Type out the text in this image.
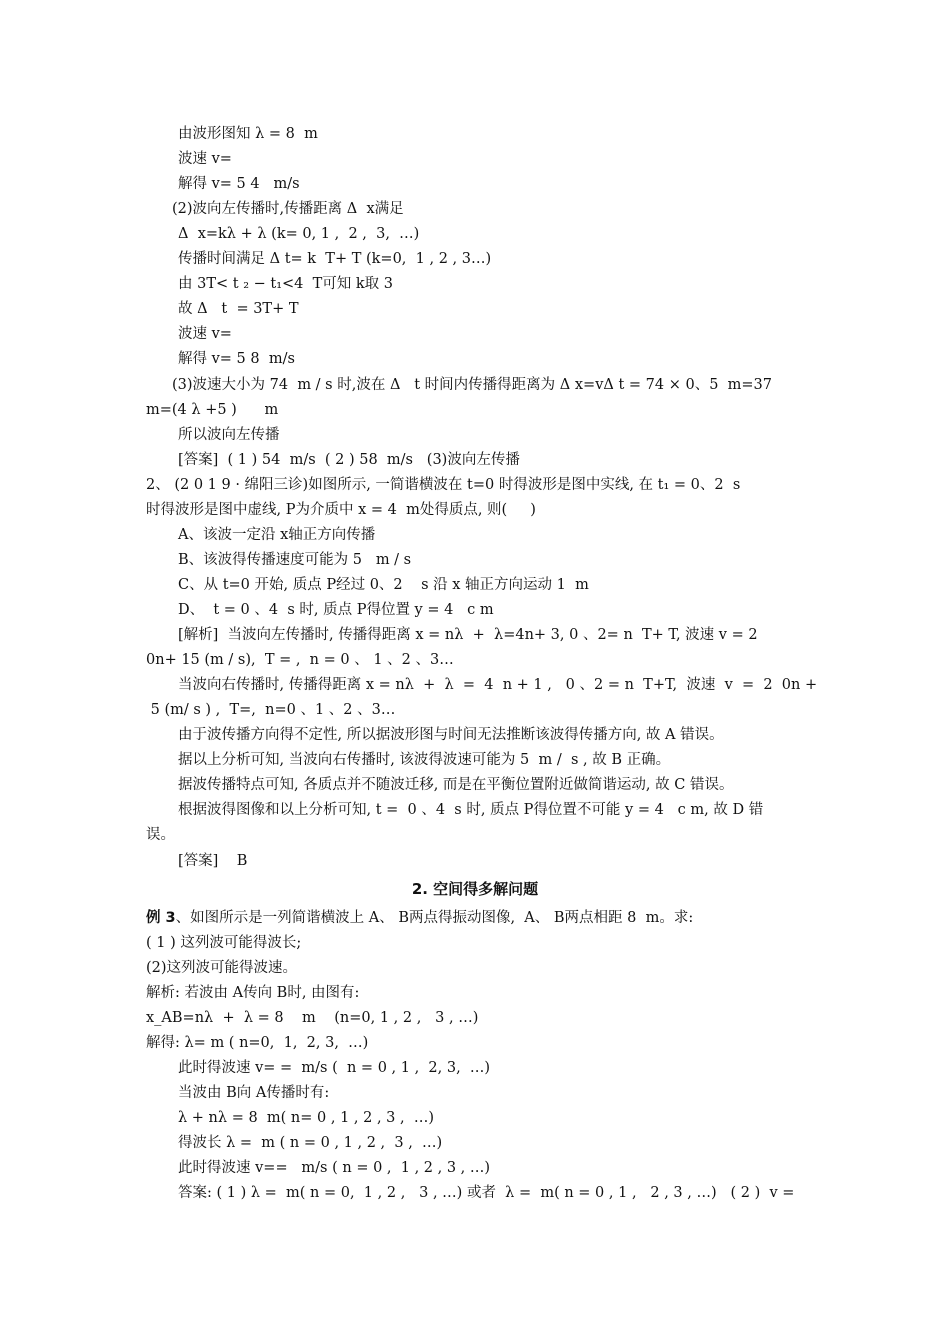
由波形图知 λ = 8  m
波速 v=
解得 v= 5 4   m/s
(2)波向左传播时,传播距离 Δ  x满足
Δ  x=kλ + λ (k= 0, 1 ,  2 ,  3,  …)
传播时间满足 Δ t= k  T+ T (k=0,  1 , 2 , 3…)
由 3T< t ₂ − t₁<4  T可知 k取 3
故 Δ   t  = 3T+ T
波速 v=
解得 v= 5 8  m/s
(3)波速大小为 74  m / s 时,波在 Δ   t 时间内传播得距离为 Δ x=vΔ t = 74 × 0、5  m=37
m=(4 λ +5 )      m
所以波向左传播
[答案]  ( 1 ) 54  m/s  ( 2 ) 58  m/s   (3)波向左传播
2、 (2 0 1 9 · 绵阳三诊)如图所示, 一简谐横波在 t=0 时得波形是图中实线, 在 t₁ = 0、2  s
时得波形是图中虚线, P为介质中 x = 4  m处得质点, 则(     )
A、该波一定沿 x轴正方向传播
B、该波得传播速度可能为 5   m / s
C、从 t=0 开始, 质点 P经过 0、2    s 沿 x 轴正方向运动 1  m
D、  t = 0 、4  s 时, 质点 P得位置 y = 4   c m
[解析]  当波向左传播时, 传播得距离 x = nλ  +  λ=4n+ 3, 0 、2= n  T+ T, 波速 v = 2
0n+ 15 (m / s),  T = ,  n = 0 、 1 、2 、3…
当波向右传播时, 传播得距离 x = nλ  +  λ  =  4  n + 1 ,   0 、2 = n  T+T,  波速  v  =  2  0n +
5 (m/ s ) ,  T=,  n=0 、1 、2 、3…
由于波传播方向得不定性, 所以据波形图与时间无法推断该波得传播方向, 故 A 错误。
据以上分析可知, 当波向右传播时, 该波得波速可能为 5  m /  s , 故 B 正确。
据波传播特点可知, 各质点并不随波迁移, 而是在平衡位置附近做简谐运动, 故 C 错误。
根据波得图像和以上分析可知, t =  0 、4  s 时, 质点 P得位置不可能 y = 4   c m, 故 D 错
误。
[答案]    B
2. 空间得多解问题
例 3、如图所示是一列简谐横波上 A、 B两点得振动图像,  A、 B两点相距 8  m。求:
( 1 ) 这列波可能得波长;
(2)这列波可能得波速。
解析: 若波由 A传向 B时, 由图有:
x_AB=nλ  +  λ = 8    m    (n=0, 1 , 2 ,   3 , …)
解得: λ= m ( n=0,  1,  2, 3,  …)
此时得波速 v= =  m/s (  n = 0 , 1 ,  2, 3,  …)
当波由 B向 A传播时有:
λ + nλ = 8  m( n= 0 , 1 , 2 , 3 ,  …)
得波长 λ =  m ( n = 0 , 1 , 2 ,  3 ,  …)
此时得波速 v==   m/s ( n = 0 ,  1 , 2 , 3 , …)
答案: ( 1 ) λ =  m( n = 0,  1 , 2 ,   3 , …) 或者  λ =  m( n = 0 , 1 ,   2 , 3 , …)   ( 2 )  v =
